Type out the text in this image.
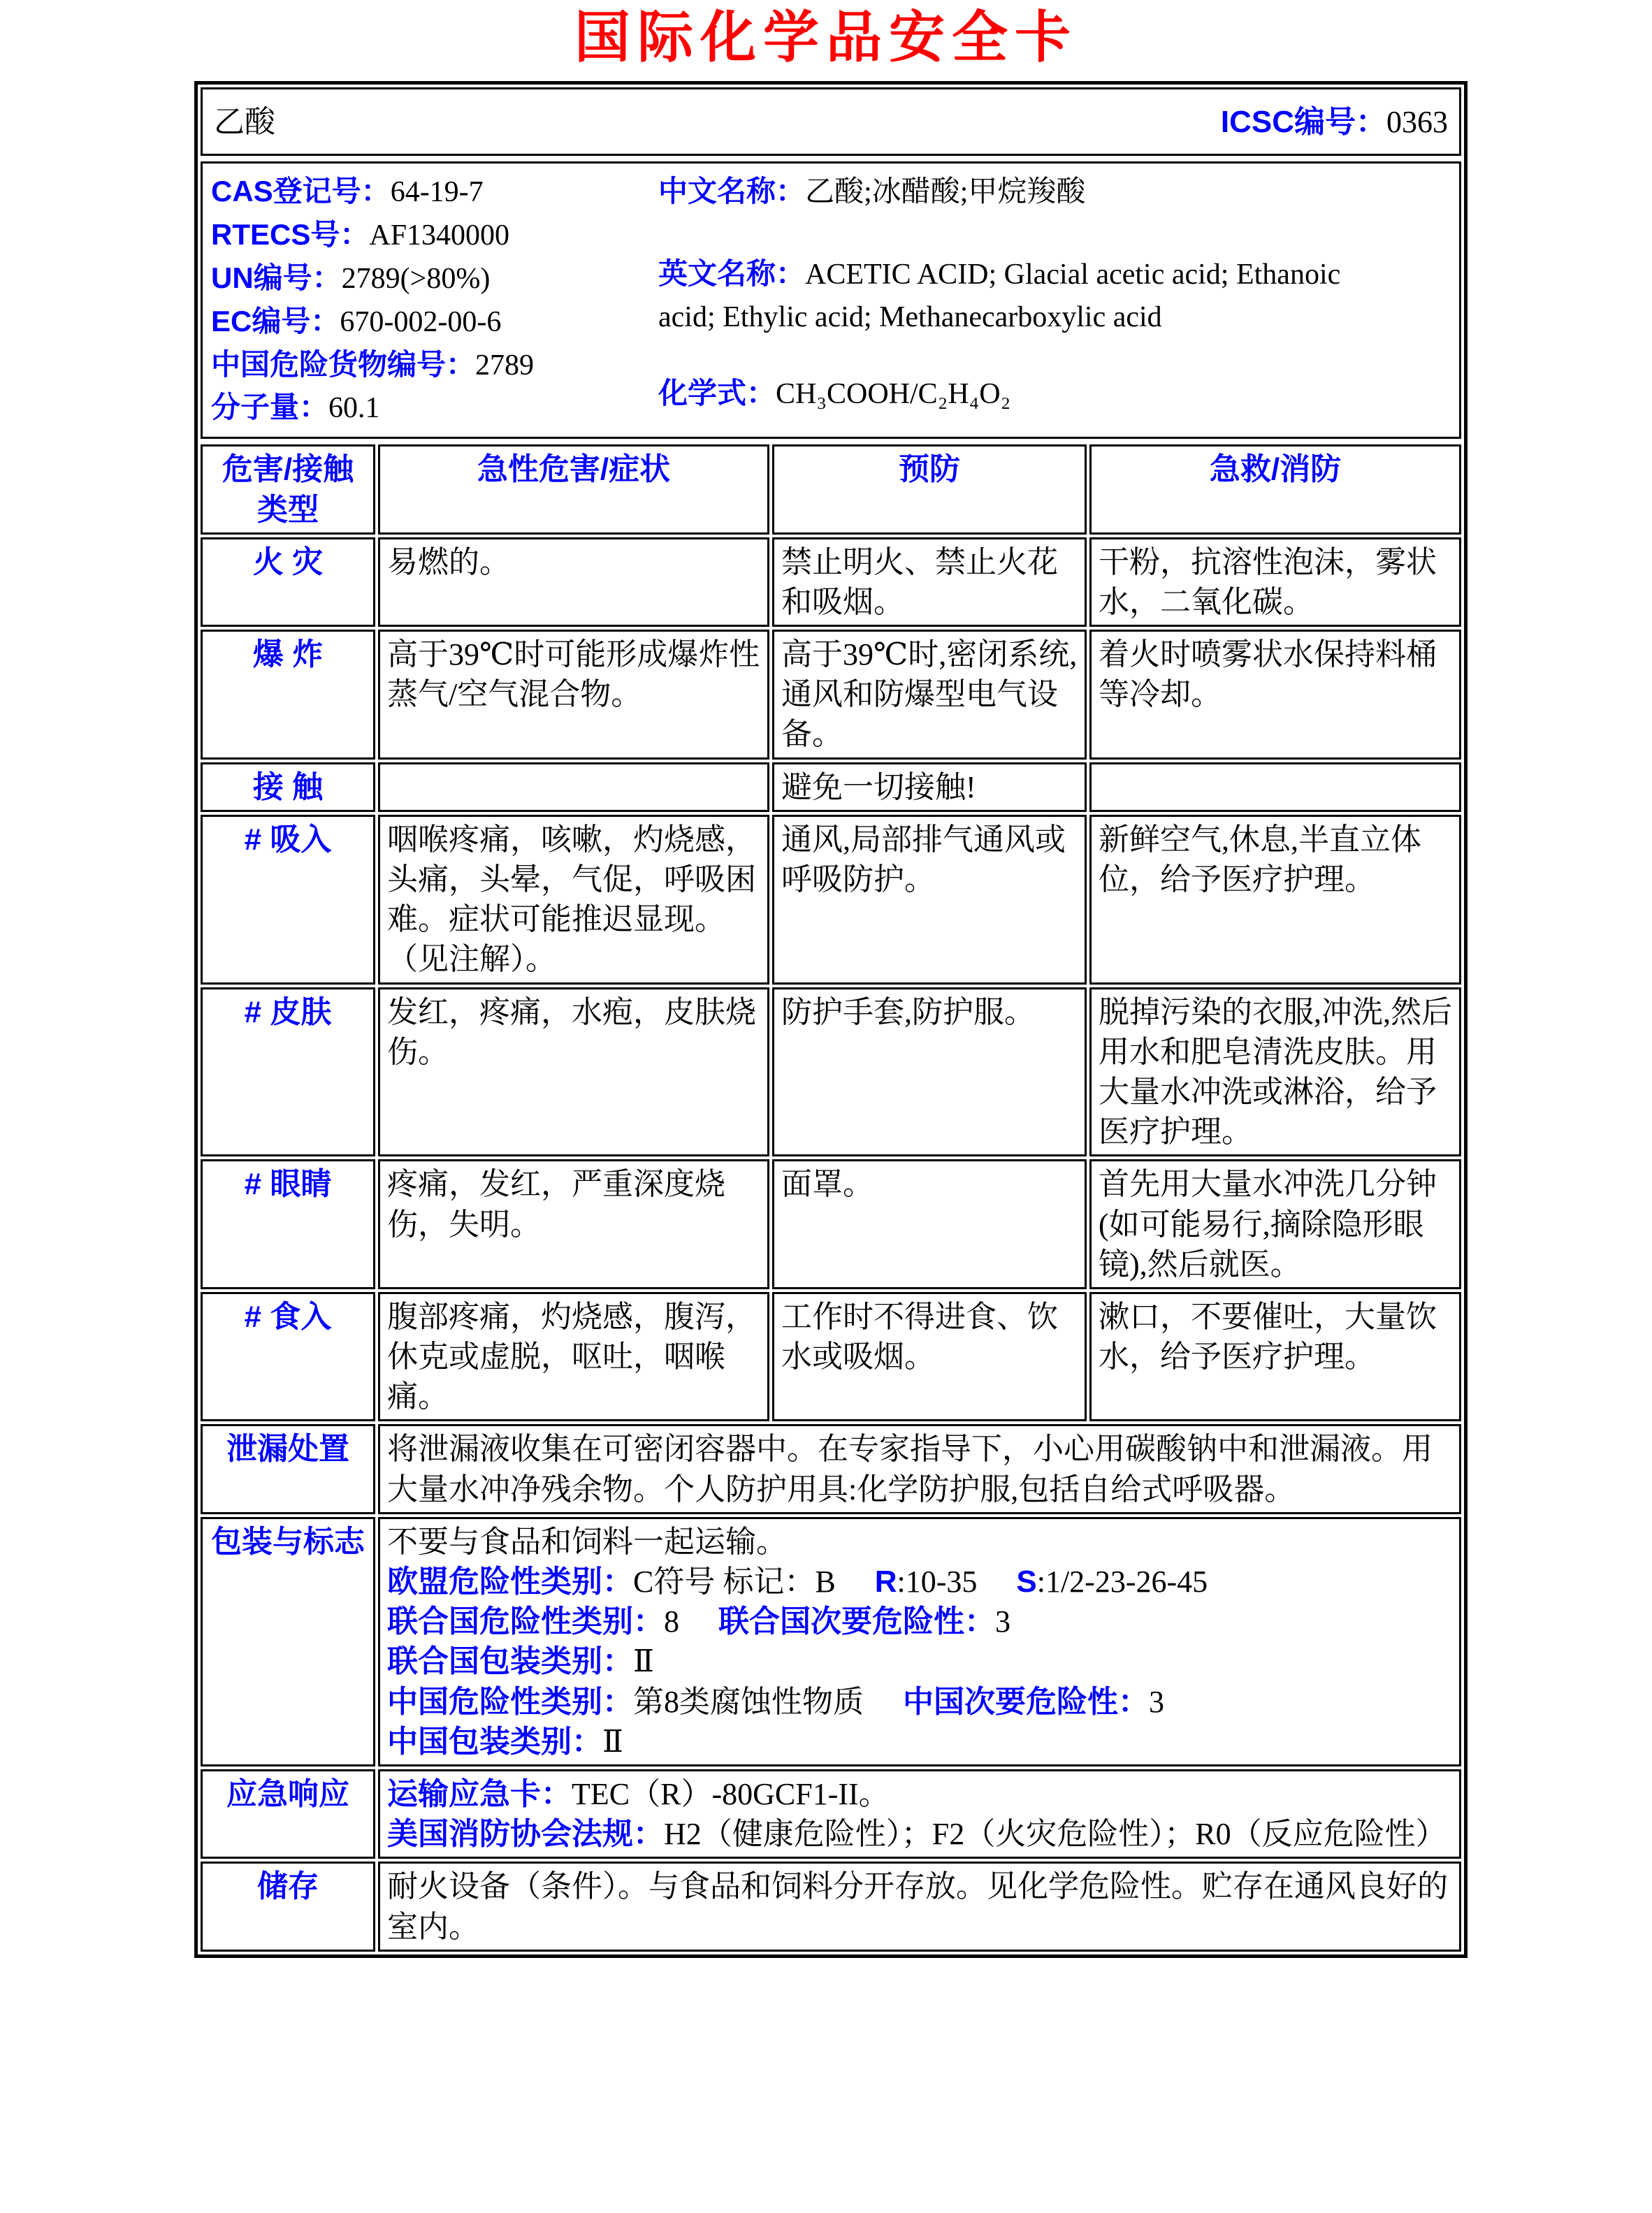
国际化学品安全卡
乙酸	ICSC编号：0363
CAS登记号：64-19-7
RTECS号：AF1340000
UN编号：2789(>80%)
EC编号：670-002-00-6
中国危险货物编号：2789
分子量：60.1
中文名称：乙酸;冰醋酸;甲烷羧酸
英文名称：ACETIC ACID; Glacial acetic acid; Ethanoic acid; Ethylic acid; Methanecarboxylic acid
化学式：CH₃COOH/C₂H₄O₂
危害/接触类型	急性危害/症状	预防	急救/消防
火 灾	易燃的。	禁止明火、禁止火花和吸烟。	干粉，抗溶性泡沫，雾状水，二氧化碳。
爆 炸	高于39℃时可能形成爆炸性蒸气/空气混合物。	高于39℃时,密闭系统,通风和防爆型电气设备。	着火时喷雾状水保持料桶等冷却。
接 触		避免一切接触!	
# 吸入	咽喉疼痛，咳嗽，灼烧感，头痛，头晕，气促，呼吸困难。症状可能推迟显现。（见注解）。	通风,局部排气通风或呼吸防护。	新鲜空气,休息,半直立体位，给予医疗护理。
# 皮肤	发红，疼痛，水疱，皮肤烧伤。	防护手套,防护服。	脱掉污染的衣服,冲洗,然后用水和肥皂清洗皮肤。用大量水冲洗或淋浴，给予医疗护理。
# 眼睛	疼痛，发红，严重深度烧伤，失明。	面罩。	首先用大量水冲洗几分钟(如可能易行,摘除隐形眼镜),然后就医。
# 食入	腹部疼痛，灼烧感，腹泻，休克或虚脱，呕吐，咽喉痛。	工作时不得进食、饮水或吸烟。	漱口，不要催吐，大量饮水，给予医疗护理。
泄漏处置	将泄漏液收集在可密闭容器中。在专家指导下，小心用碳酸钠中和泄漏液。用大量水冲净残余物。个人防护用具:化学防护服,包括自给式呼吸器。		
包装与标志	不要与食品和饲料一起运输。
欧盟危险性类别：C符号 标记：B R:10-35 S:1/2-23-26-45
联合国危险性类别：8 联合国次要危险性：3
联合国包装类别：Ⅱ
中国危险性类别：第8类腐蚀性物质 中国次要危险性：3
中国包装类别：Ⅱ

应急响应	运输应急卡：TEC（R）-80GCF1-II。
美国消防协会法规：H2（健康危险性）；F2（火灾危险性）；R0（反应危险性）		

储存	耐火设备（条件）。与食品和饲料分开存放。见化学危险性。贮存在通风良好的室内。		
